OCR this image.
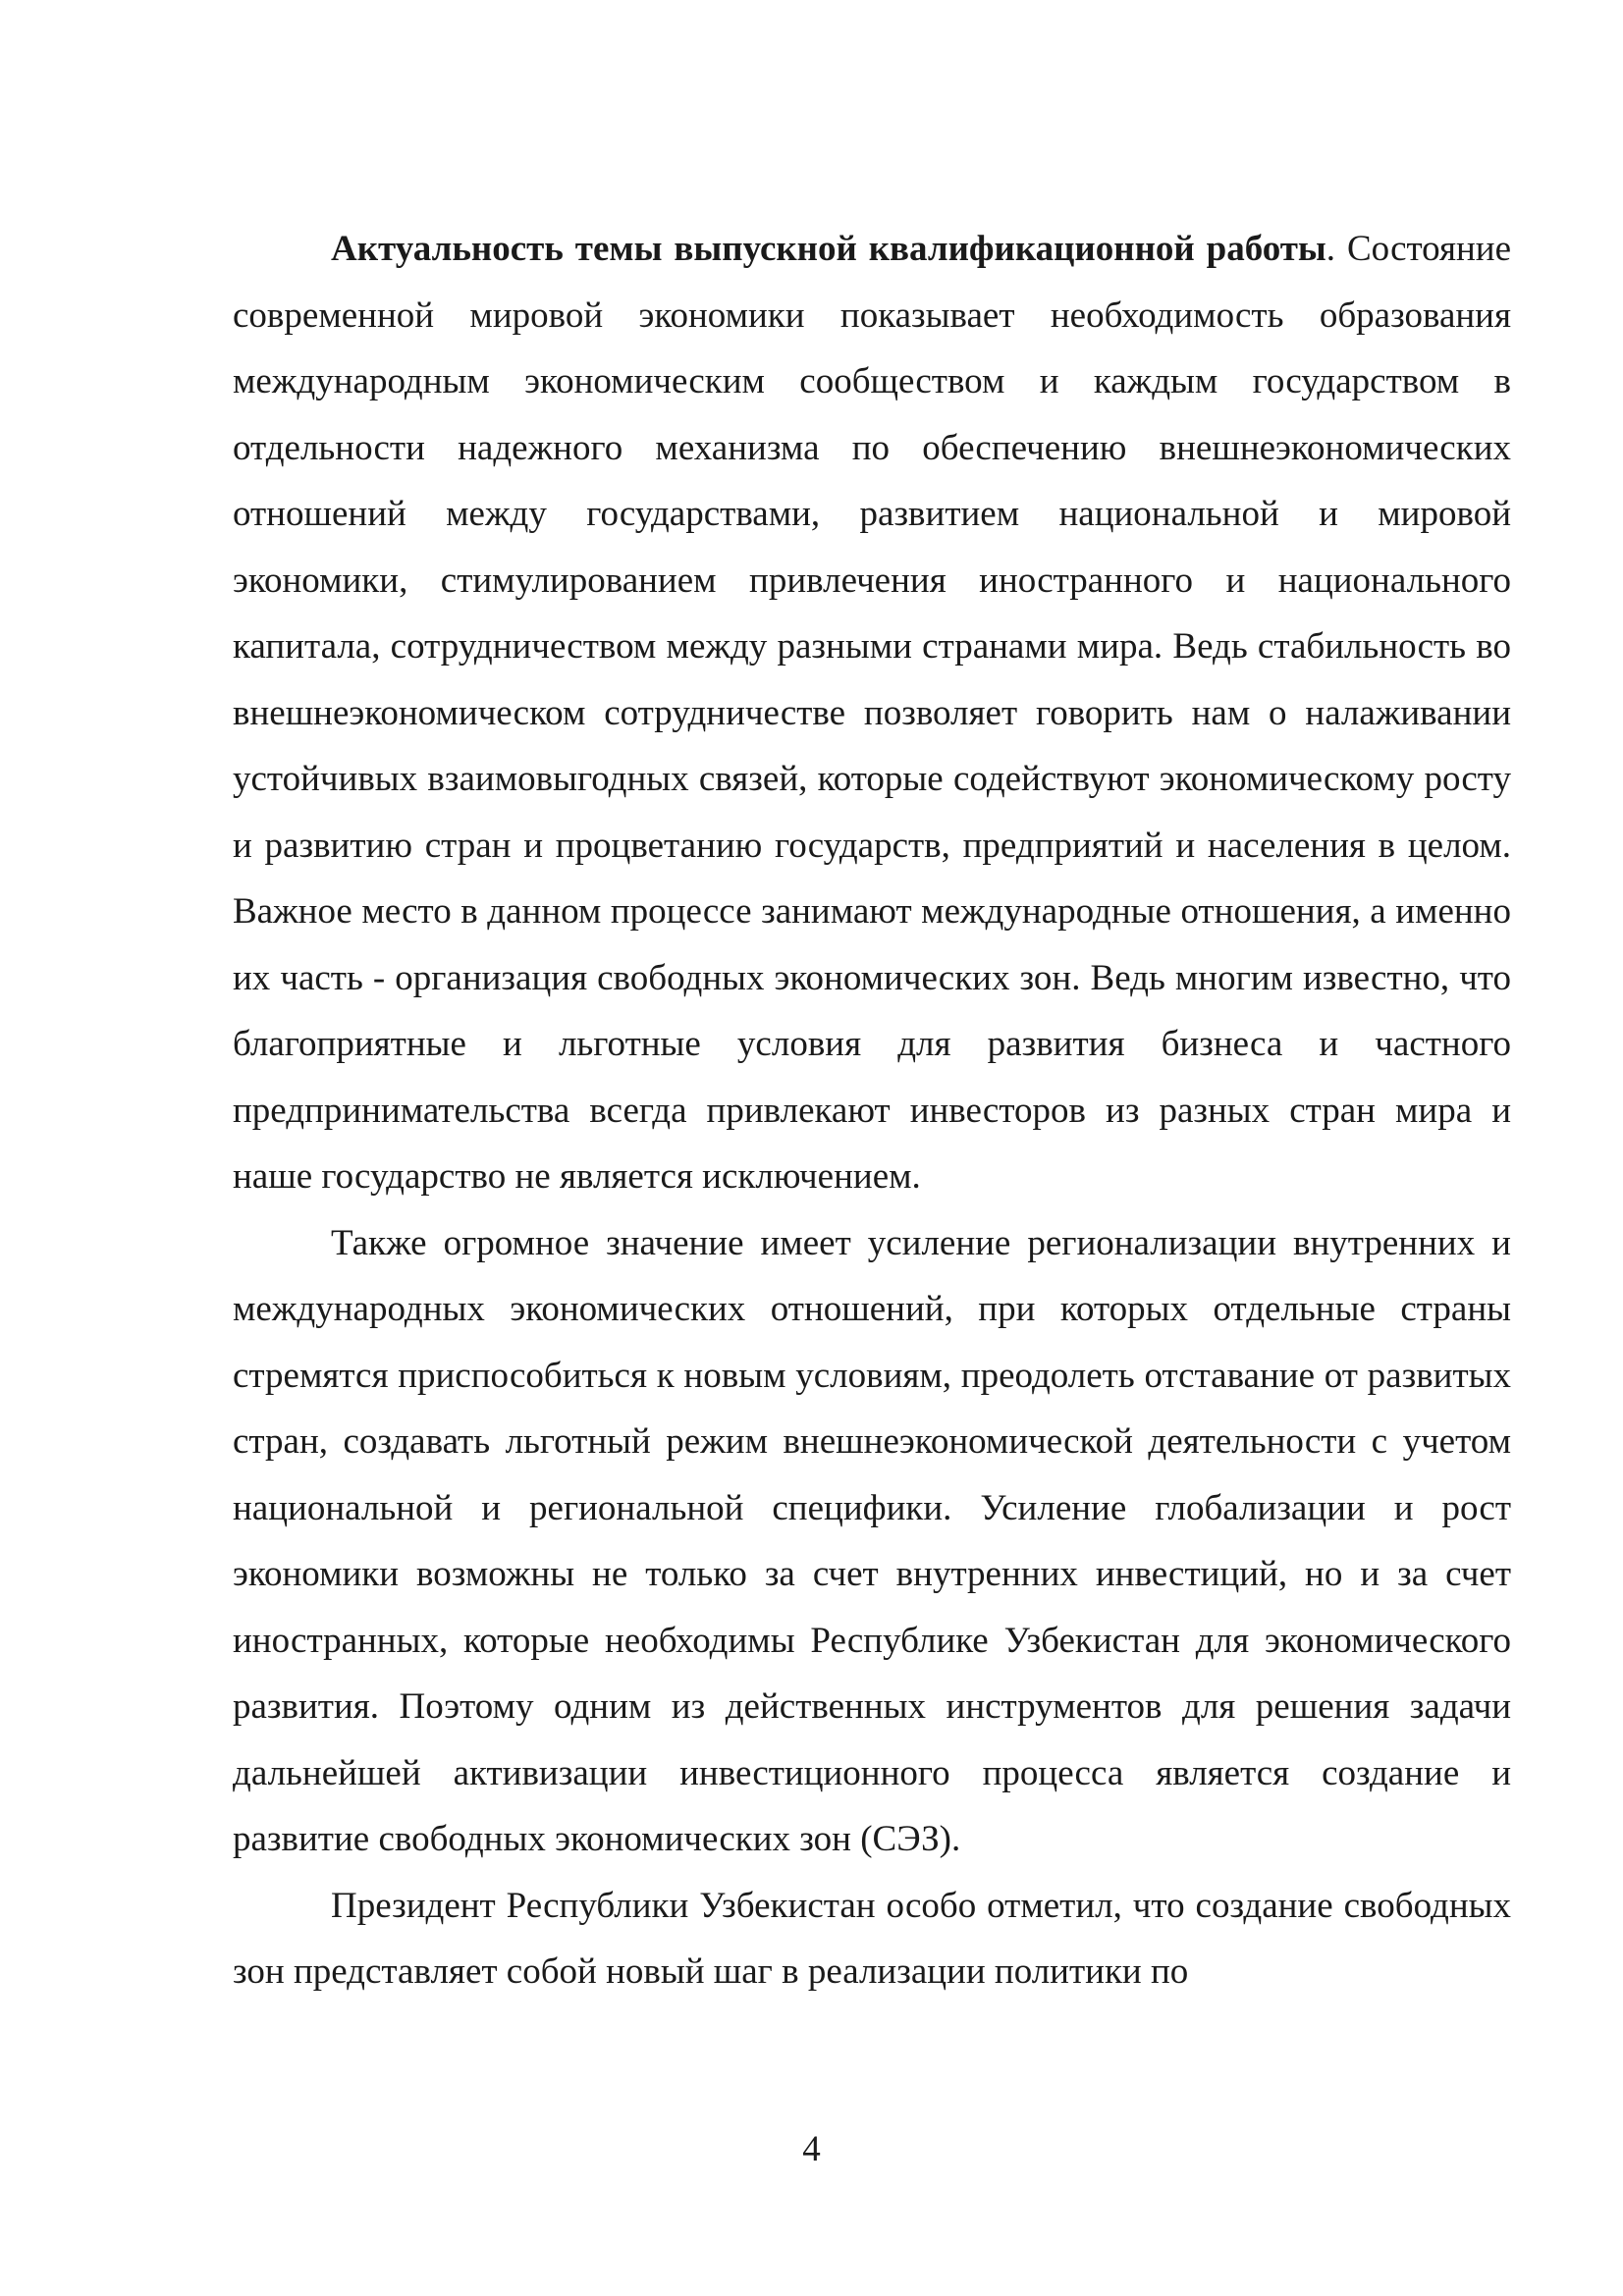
Актуальность темы выпускной квалификационной работы. Состояние современной мировой экономики показывает необходимость образования международным экономическим сообществом и каждым государством в отдельности надежного механизма по обеспечению внешнеэкономических отношений между государствами, развитием национальной и мировой экономики, стимулированием привлечения иностранного и национального капитала, сотрудничеством между разными странами мира. Ведь стабильность во внешнеэкономическом сотрудничестве позволяет говорить нам о налаживании устойчивых взаимовыгодных связей, которые содействуют экономическому росту и развитию стран и процветанию государств, предприятий и населения в целом. Важное место в данном процессе занимают международные отношения, а именно их часть - организация свободных экономических зон. Ведь многим известно, что благоприятные и льготные условия для развития бизнеса и частного предпринимательства всегда привлекают инвесторов из разных стран мира и наше государство не является исключением.

Также огромное значение имеет усиление регионализации внутренних и международных экономических отношений, при которых отдельные страны стремятся приспособиться к новым условиям, преодолеть отставание от развитых стран, создавать льготный режим внешнеэкономической деятельности с учетом национальной и региональной специфики. Усиление глобализации и рост экономики возможны не только за счет внутренних инвестиций, но и за счет иностранных, которые необходимы Республике Узбекистан для экономического развития. Поэтому одним из действенных инструментов для решения задачи дальнейшей активизации инвестиционного процесса является создание и развитие свободных экономических зон (СЭЗ).

Президент Республики Узбекистан особо отметил, что создание свободных зон представляет собой новый шаг в реализации политики по

4
